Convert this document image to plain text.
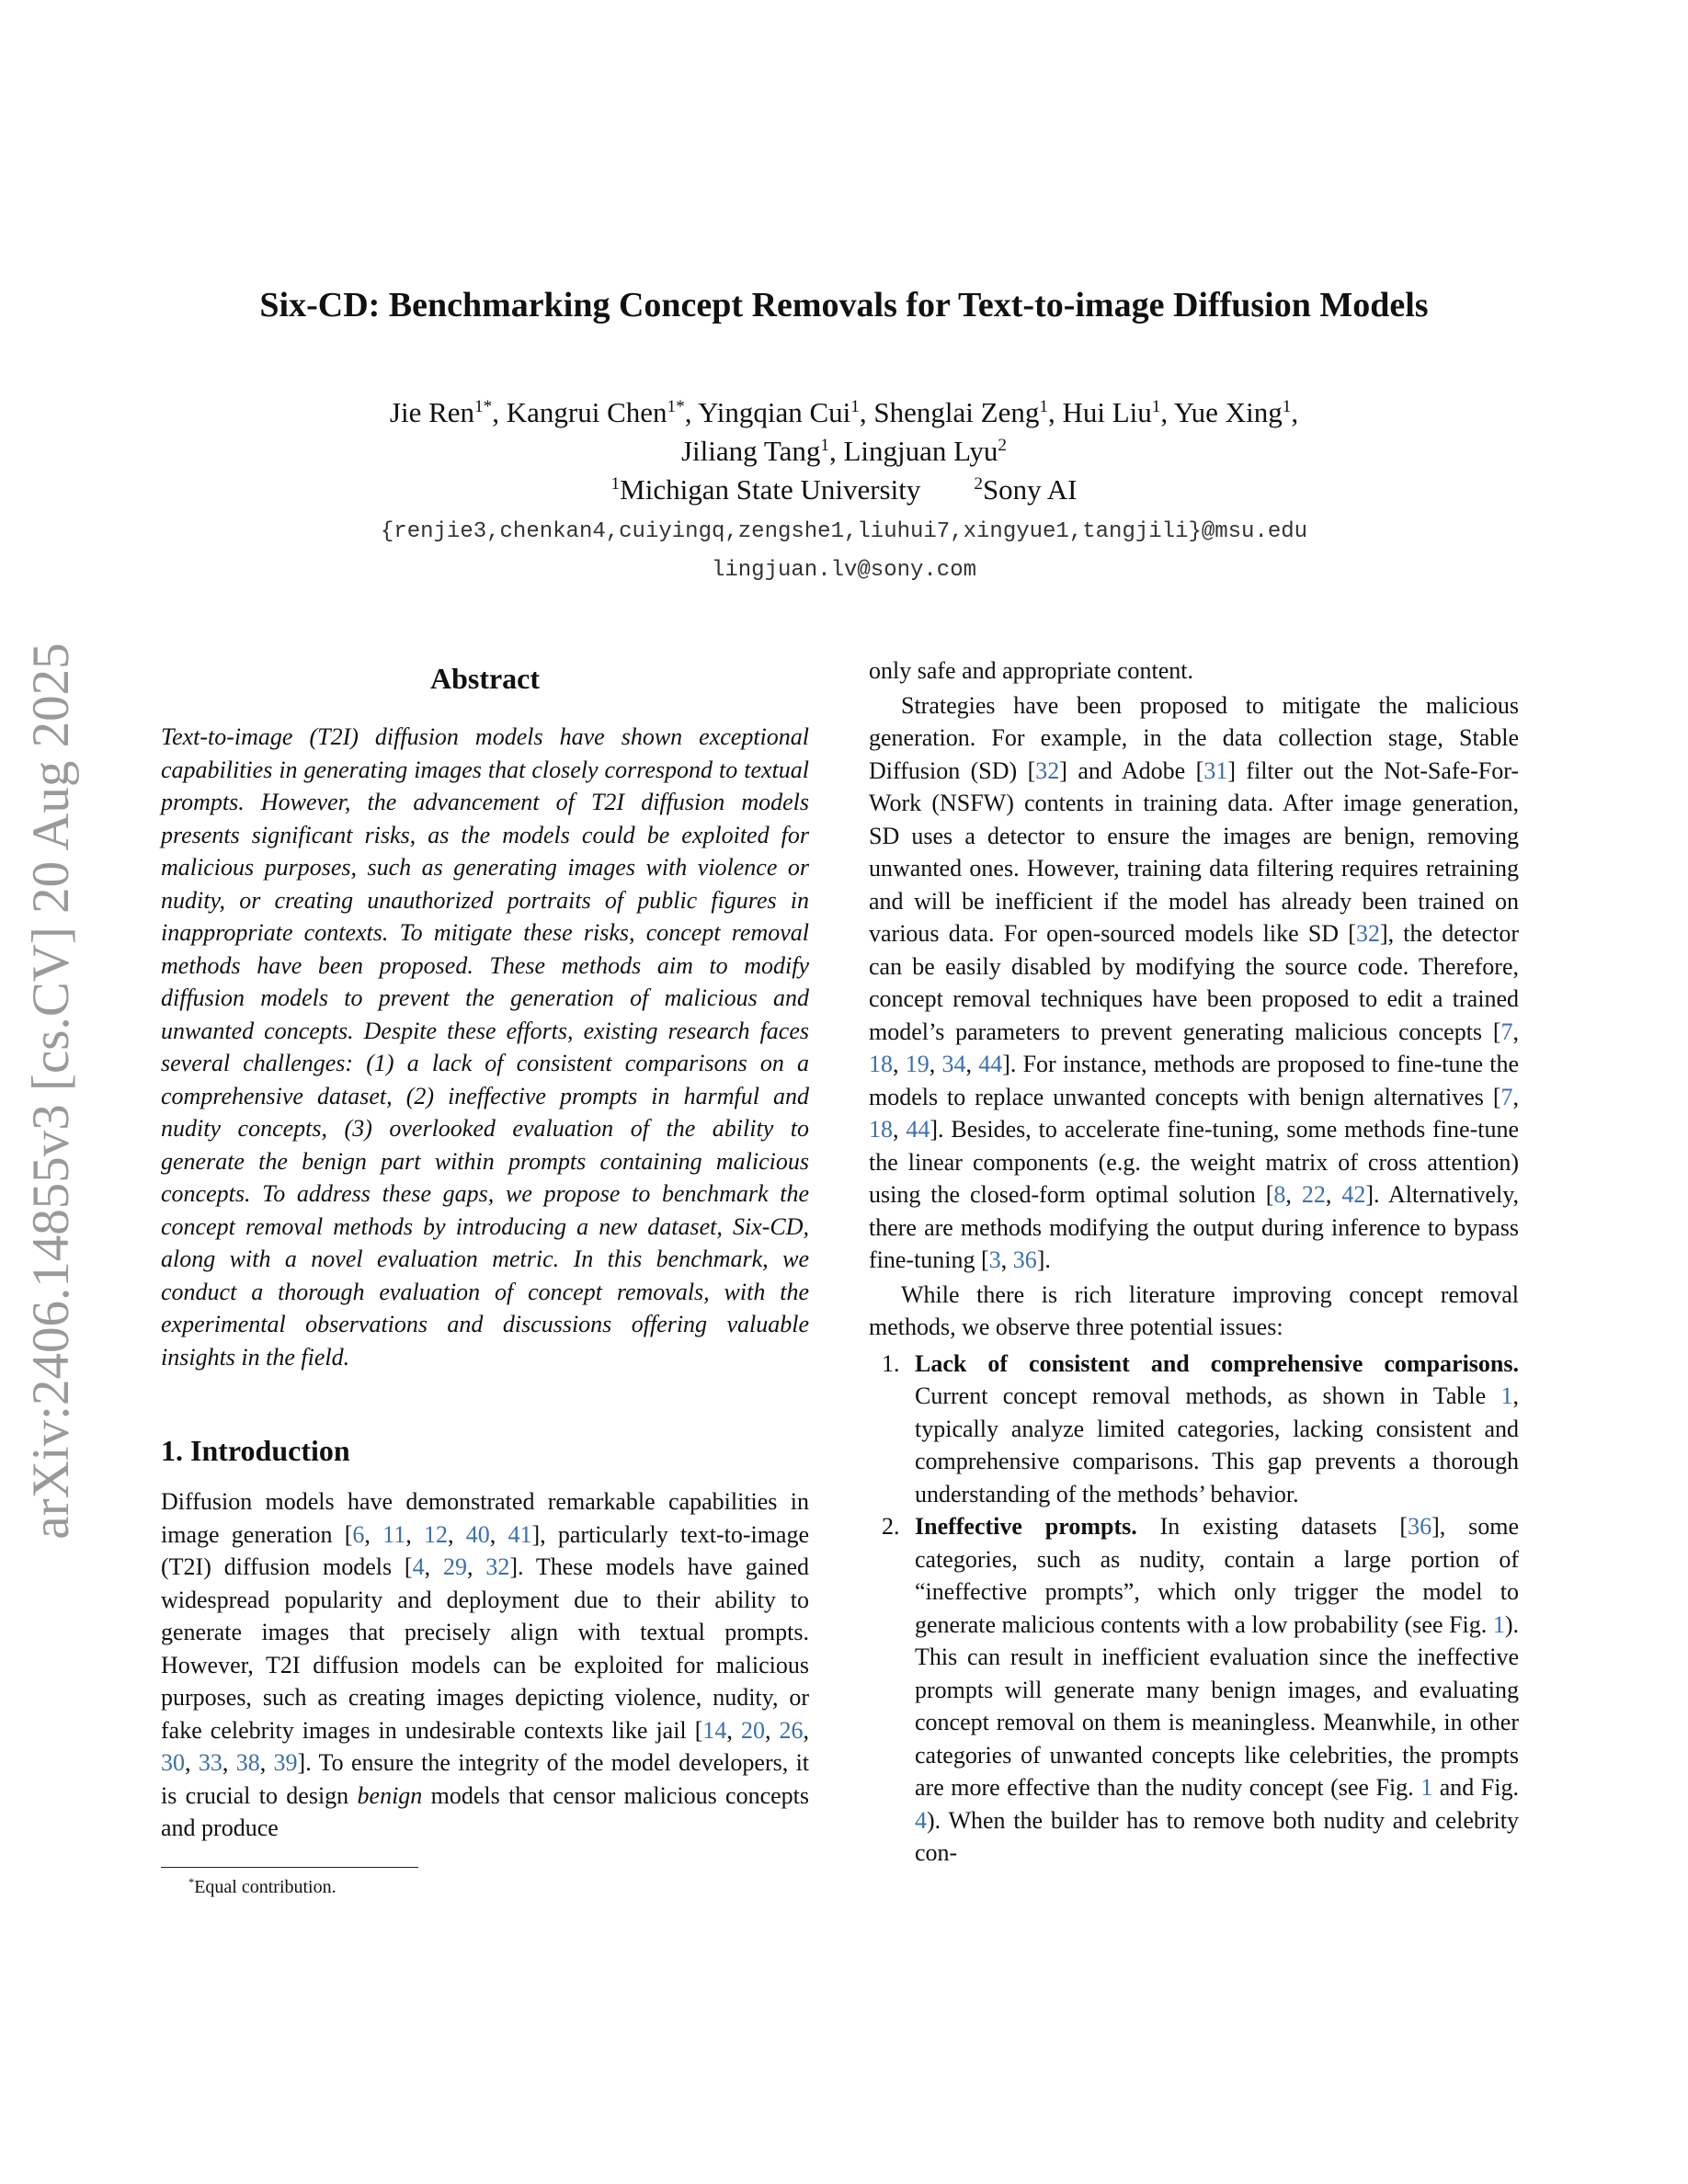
arXiv:2406.14855v3 [cs.CV] 20 Aug 2025
Six-CD: Benchmarking Concept Removals for Text-to-image Diffusion Models
Jie Ren$^{1*}$, Kangrui Chen$^{1*}$, Yingqian Cui$^1$, Shenglai Zeng$^1$, Hui Liu$^1$, Yue Xing$^1$,
Jiliang Tang$^1$, Lingjuan Lyu$^2$
$^1$Michigan State University	$^2$Sony AI
{renjie3,chenkan4,cuiyingq,zengshe1,liuhui7,xingyue1,tangjili}@msu.edu
lingjuan.lv@sony.com
Abstract

Text-to-image (T2I) diffusion models have shown exceptional capabilities in generating images that closely correspond to textual prompts. However, the advancement of T2I diffusion models presents significant risks, as the models could be exploited for malicious purposes, such as generating images with violence or nudity, or creating unauthorized portraits of public figures in inappropriate contexts. To mitigate these risks, concept removal methods have been proposed. These methods aim to modify diffusion models to prevent the generation of malicious and unwanted concepts. Despite these efforts, existing research faces several challenges: (1) a lack of consistent comparisons on a comprehensive dataset, (2) ineffective prompts in harmful and nudity concepts, (3) overlooked evaluation of the ability to generate the benign part within prompts containing malicious concepts. To address these gaps, we propose to benchmark the concept removal methods by introducing a new dataset, Six-CD, along with a novel evaluation metric. In this benchmark, we conduct a thorough evaluation of concept removals, with the experimental observations and discussions offering valuable insights in the field.

1. Introduction

Diffusion models have demonstrated remarkable capabilities in image generation [6, 11, 12, 40, 41], particularly text-to-image (T2I) diffusion models [4, 29, 32]. These models have gained widespread popularity and deployment due to their ability to generate images that precisely align with textual prompts. However, T2I diffusion models can be exploited for malicious purposes, such as creating images depicting violence, nudity, or fake celebrity images in undesirable contexts like jail [14, 20, 26, 30, 33, 38, 39]. To ensure the integrity of the model developers, it is crucial to design benign models that censor malicious concepts and produce

*Equal contribution.

only safe and appropriate content.

Strategies have been proposed to mitigate the malicious generation. For example, in the data collection stage, Stable Diffusion (SD) [32] and Adobe [31] filter out the Not-Safe-For-Work (NSFW) contents in training data. After image generation, SD uses a detector to ensure the images are benign, removing unwanted ones. However, training data filtering requires retraining and will be inefficient if the model has already been trained on various data. For open-sourced models like SD [32], the detector can be easily disabled by modifying the source code. Therefore, concept removal techniques have been proposed to edit a trained model’s parameters to prevent generating malicious concepts [7, 18, 19, 34, 44]. For instance, methods are proposed to fine-tune the models to replace unwanted concepts with benign alternatives [7, 18, 44]. Besides, to accelerate fine-tuning, some methods fine-tune the linear components (e.g. the weight matrix of cross attention) using the closed-form optimal solution [8, 22, 42]. Alternatively, there are methods modifying the output during inference to bypass fine-tuning [3, 36].

While there is rich literature improving concept removal methods, we observe three potential issues:

1. Lack of consistent and comprehensive comparisons. Current concept removal methods, as shown in Table 1, typically analyze limited categories, lacking consistent and comprehensive comparisons. This gap prevents a thorough understanding of the methods’ behavior.
2. Ineffective prompts. In existing datasets [36], some categories, such as nudity, contain a large portion of “ineffective prompts”, which only trigger the model to generate malicious contents with a low probability (see Fig. 1). This can result in inefficient evaluation since the ineffective prompts will generate many benign images, and evaluating concept removal on them is meaningless. Meanwhile, in other categories of unwanted concepts like celebrities, the prompts are more effective than the nudity concept (see Fig. 1 and Fig. 4). When the builder has to remove both nudity and celebrity con-
